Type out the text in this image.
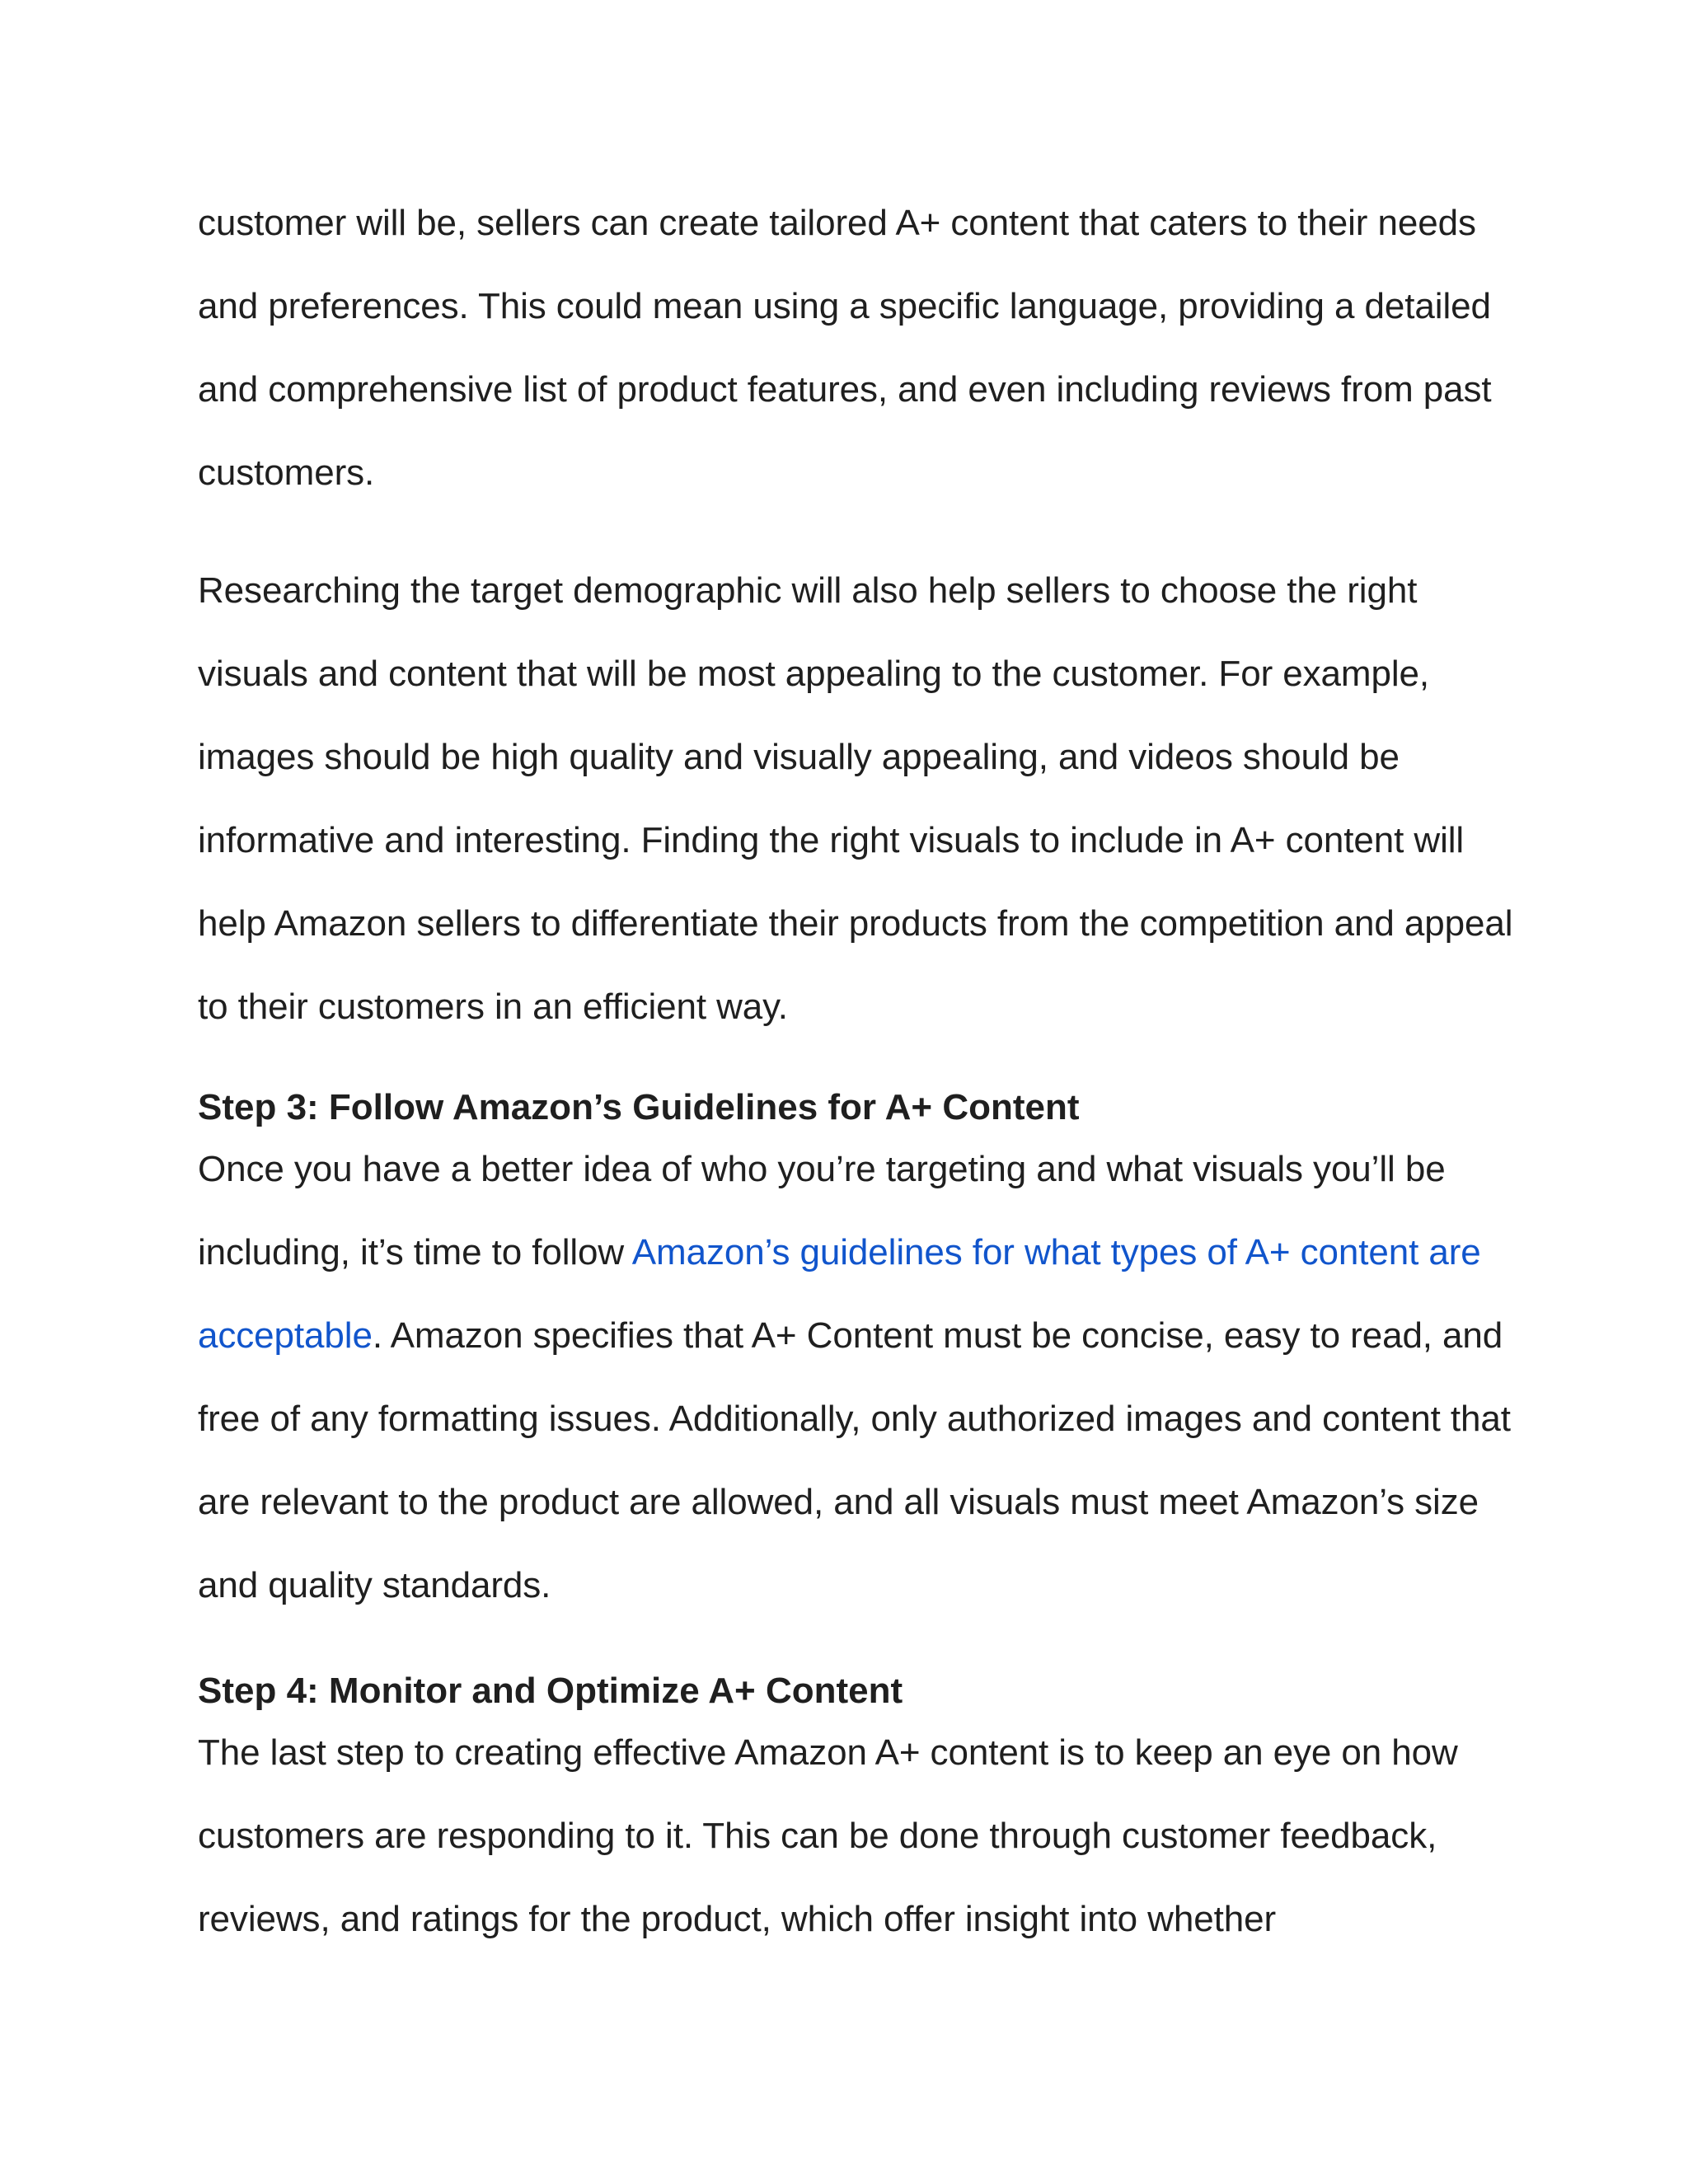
customer will be, sellers can create tailored A+ content that caters to their needs and preferences. This could mean using a specific language, providing a detailed and comprehensive list of product features, and even including reviews from past customers.

Researching the target demographic will also help sellers to choose the right visuals and content that will be most appealing to the customer. For example, images should be high quality and visually appealing, and videos should be informative and interesting. Finding the right visuals to include in A+ content will help Amazon sellers to differentiate their products from the competition and appeal to their customers in an efficient way.

Step 3: Follow Amazon’s Guidelines for A+ Content

Once you have a better idea of who you’re targeting and what visuals you’ll be including, it’s time to follow Amazon’s guidelines for what types of A+ content are acceptable. Amazon specifies that A+ Content must be concise, easy to read, and free of any formatting issues. Additionally, only authorized images and content that are relevant to the product are allowed, and all visuals must meet Amazon’s size and quality standards.

Step 4: Monitor and Optimize A+ Content

The last step to creating effective Amazon A+ content is to keep an eye on how customers are responding to it. This can be done through customer feedback, reviews, and ratings for the product, which offer insight into whether
